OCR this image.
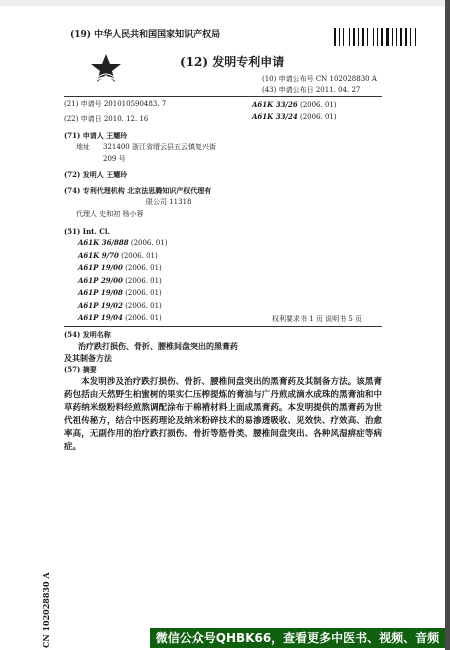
(19) 中华人民共和国国家知识产权局
(12) 发明专利申请
(10) 申请公布号 CN 102028830 A
(43) 申请公布日 2011. 04. 27
A61K 33/26 (2006. 01)
A61K 33/24 (2006. 01)
(21) 申请号 201010590483. 7
(22) 申请日 2010. 12. 16
(71) 申请人 王耀玲
地址 321400 浙江省缙云县五云镇复兴街
209 号
(72) 发明人 王耀玲
(74) 专利代理机构 北京法思腾知识产权代理有
限公司 11318
代理人 史和初 杨小蓉
(51) Int. Cl.
A61K 36/888 (2006. 01)
A61K 9/70 (2006. 01)
A61P 19/00 (2006. 01)
A61P 29/00 (2006. 01)
A61P 19/08 (2006. 01)
A61P 19/02 (2006. 01)
A61P 19/04 (2006. 01)	权利要求书 1 页 说明书 5 页
(54) 发明名称
治疗跌打损伤、骨折、腰椎间盘突出的黑膏药
及其制备方法
(57) 摘要
本发明涉及治疗跌打损伤、骨折、腰椎间盘突出的黑膏药及其制备方法。该黑膏药包括由天然野生桕蜜树的果实仁压榨提炼的膏油与广丹煎成滴水成珠的黑膏油和中草药纳米级粉料经煎熬调配涂布于棉褙材料上面成黑膏药。本发明提供的黑膏药为世代祖传秘方，结合中医药理论及纳米粉碎技术的易渗透吸收、见效快、疗效高、治愈率高，无副作用的治疗跌打损伤、骨折等筋骨类、腰椎间盘突出、各种风湿痹症等病症。
CN 102028830 A	微信公众号QHBK66，查看更多中医书、视频、音频
